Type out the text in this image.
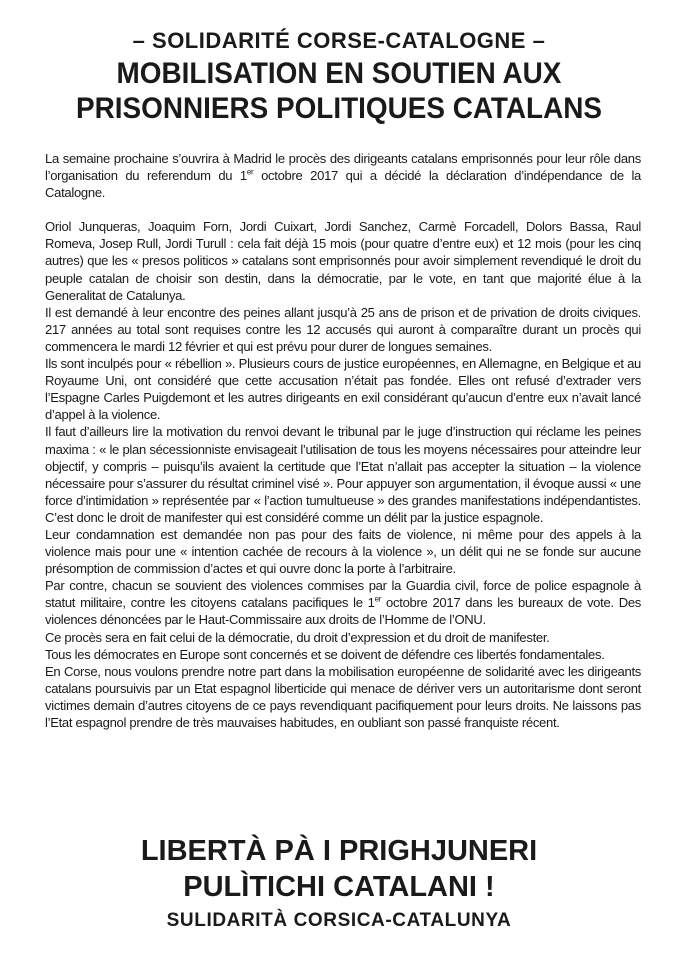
– SOLIDARITÉ CORSE-CATALOGNE –
MOBILISATION EN SOUTIEN AUX
PRISONNIERS POLITIQUES CATALANS

La semaine prochaine s’ouvrira à Madrid le procès des dirigeants catalans emprisonnés pour leur rôle dans l’organisation du referendum du 1er octobre 2017 qui a décidé la déclaration d’indépendance de la Catalogne.

Oriol Junqueras, Joaquim Forn, Jordi Cuixart, Jordi Sanchez, Carmè Forcadell, Dolors Bassa, Raul Romeva, Josep Rull, Jordi Turull : cela fait déjà 15 mois (pour quatre d’entre eux) et 12 mois (pour les cinq autres) que les « presos politicos » catalans sont emprisonnés pour avoir simplement revendiqué le droit du peuple catalan de choisir son destin, dans la démocratie, par le vote, en tant que majorité élue à la Generalitat de Catalunya.

Il est demandé à leur encontre des peines allant jusqu’à 25 ans de prison et de privation de droits civiques. 217 années au total sont requises contre les 12 accusés qui auront à comparaître durant un procès qui commencera le mardi 12 février et qui est prévu pour durer de longues semaines.

Ils sont inculpés pour « rébellion ». Plusieurs cours de justice européennes, en Allemagne, en Belgique et au Royaume Uni, ont considéré que cette accusation n’était pas fondée. Elles ont refusé d’extrader vers l’Espagne Carles Puigdemont et les autres dirigeants en exil considérant qu’aucun d’entre eux n’avait lancé d’appel à la violence.

Il faut d’ailleurs lire la motivation du renvoi devant le tribunal par le juge d’instruction qui réclame les peines maxima : « le plan sécessionniste envisageait l’utilisation de tous les moyens nécessaires pour atteindre leur objectif, y compris – puisqu’ils avaient la certitude que l’Etat n’allait pas accepter la situation – la violence nécessaire pour s’assurer du résultat criminel visé ». Pour appuyer son argumentation, il évoque aussi « une force d’intimidation » représentée par « l’action tumultueuse » des grandes manifestations indépendantistes. C’est donc le droit de manifester qui est considéré comme un délit par la justice espagnole.

Leur condamnation est demandée non pas pour des faits de violence, ni même pour des appels à la violence mais pour une « intention cachée de recours à la violence », un délit qui ne se fonde sur aucune présomption de commission d’actes et qui ouvre donc la porte à l’arbitraire.

Par contre, chacun se souvient des violences commises par la Guardia civil, force de police espagnole à statut militaire, contre les citoyens catalans pacifiques le 1er octobre 2017 dans les bureaux de vote. Des violences dénoncées par le Haut-Commissaire aux droits de l’Homme de l’ONU.

Ce procès sera en fait celui de la démocratie, du droit d’expression et du droit de manifester.

Tous les démocrates en Europe sont concernés et se doivent de défendre ces libertés fondamentales.

En Corse, nous voulons prendre notre part dans la mobilisation européenne de solidarité avec les dirigeants catalans poursuivis par un Etat espagnol liberticide qui menace de dériver vers un autoritarisme dont seront victimes demain d’autres citoyens de ce pays revendiquant pacifiquement pour leurs droits. Ne laissons pas l’Etat espagnol prendre de très mauvaises habitudes, en oubliant son passé franquiste récent.

LIBERTÀ PÀ I PRIGHJUNERI
PULÌTICHI CATALANI !
SULIDARITÀ CORSICA-CATALUNYA
